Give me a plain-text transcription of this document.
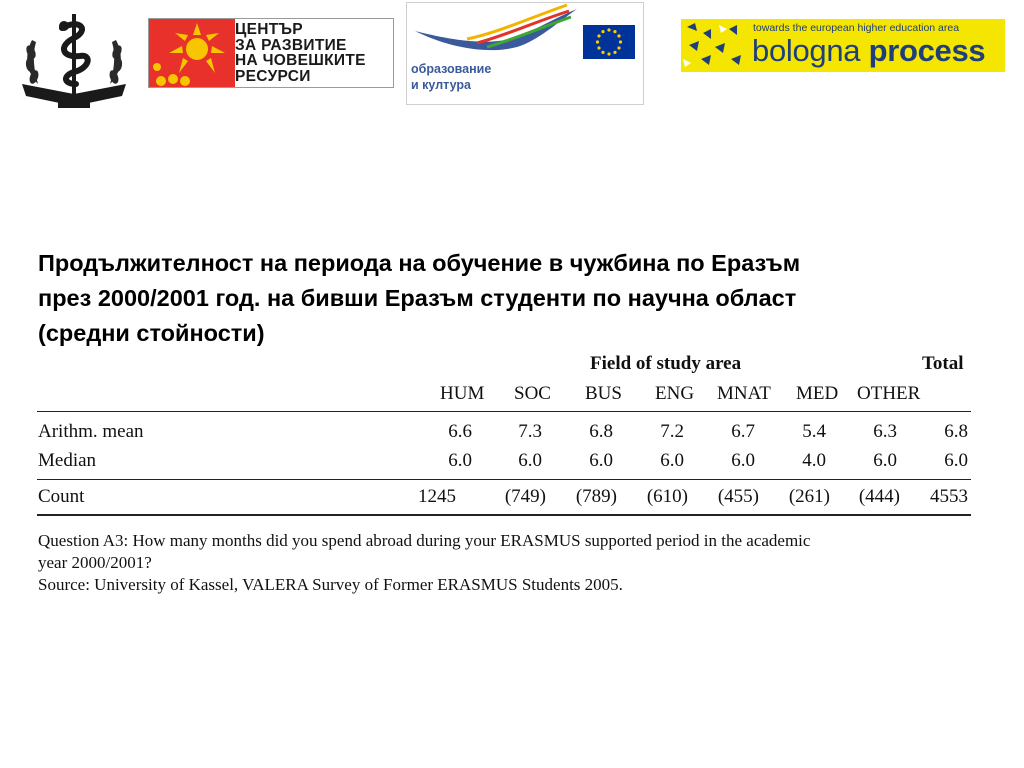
ЦЕНТЪР
ЗА РАЗВИТИЕ
НА ЧОВЕШКИТЕ
РЕСУРСИ	образование
и култура
towards the european higher education area
bologna process
Продължителност на периода на обучение в чужбина по Еразъм
през 2000/2001 год. на бивши Еразъм студенти по научна област
(средни стойности)
Field of study area	Total
HUM SOC BUS ENG MNAT MED OTHER
Arithm. mean	6.6	7.3	6.8	7.2	6.7	5.4	6.3	6.8
Median	6.0	6.0	6.0	6.0	6.0	4.0	6.0	6.0
Count	1245	(749)	(789)	(610)	(455)	(261)	(444)	4553
Question A3: How many months did you spend abroad during your ERASMUS supported period in the academic
year 2000/2001?
Source: University of Kassel, VALERA Survey of Former ERASMUS Students 2005.
